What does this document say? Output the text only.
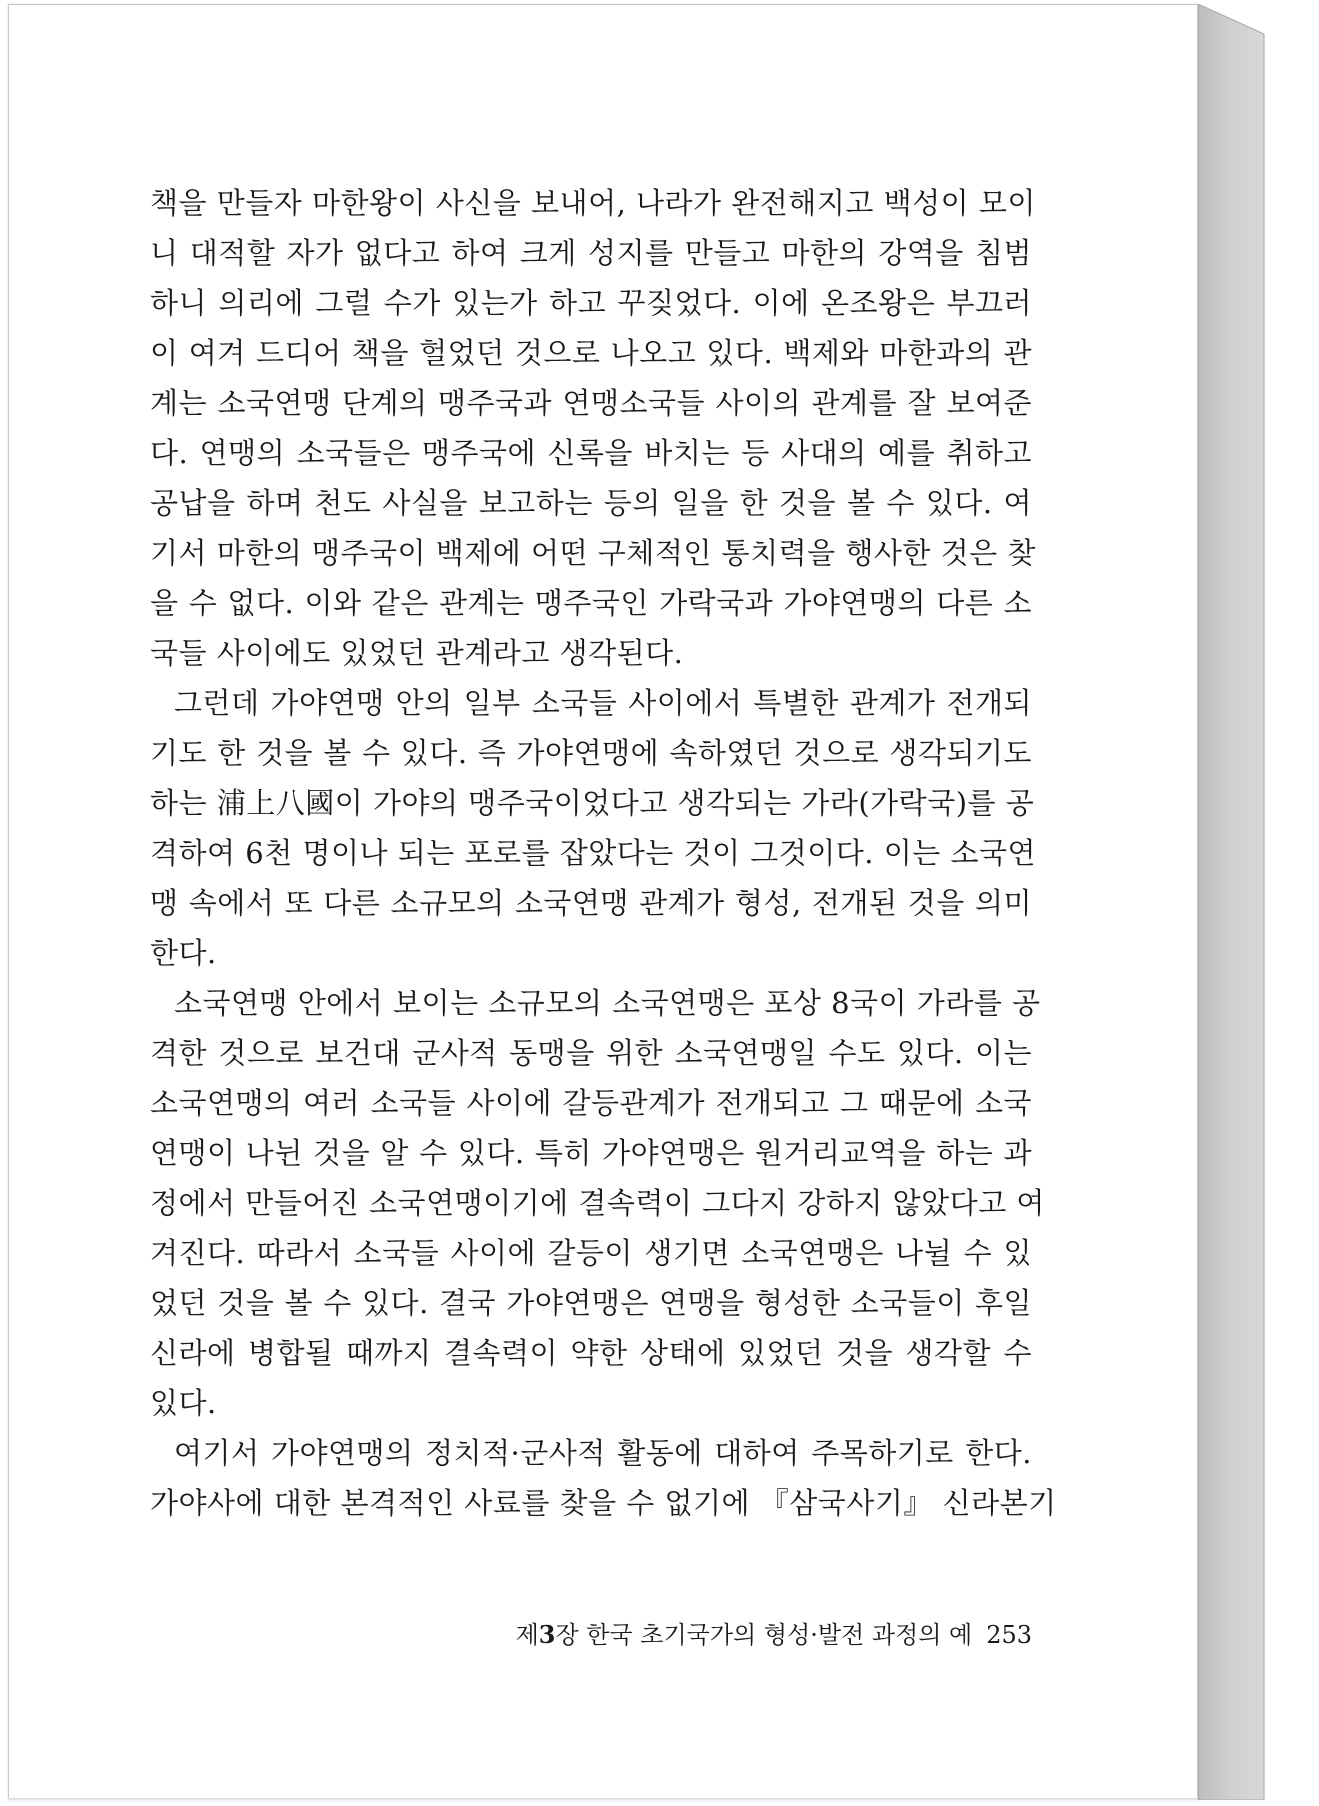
책을 만들자 마한왕이 사신을 보내어, 나라가 완전해지고 백성이 모이
니 대적할 자가 없다고 하여 크게 성지를 만들고 마한의 강역을 침범
하니 의리에 그럴 수가 있는가 하고 꾸짖었다. 이에 온조왕은 부끄러
이 여겨 드디어 책을 헐었던 것으로 나오고 있다. 백제와 마한과의 관
계는 소국연맹 단계의 맹주국과 연맹소국들 사이의 관계를 잘 보여준
다. 연맹의 소국들은 맹주국에 신록을 바치는 등 사대의 예를 취하고
공납을 하며 천도 사실을 보고하는 등의 일을 한 것을 볼 수 있다. 여
기서 마한의 맹주국이 백제에 어떤 구체적인 통치력을 행사한 것은 찾
을 수 없다. 이와 같은 관계는 맹주국인 가락국과 가야연맹의 다른 소
국들 사이에도 있었던 관계라고 생각된다.
그런데 가야연맹 안의 일부 소국들 사이에서 특별한 관계가 전개되
기도 한 것을 볼 수 있다. 즉 가야연맹에 속하였던 것으로 생각되기도
하는 浦上八國이 가야의 맹주국이었다고 생각되는 가라(가락국)를 공
격하여 6천 명이나 되는 포로를 잡았다는 것이 그것이다. 이는 소국연
맹 속에서 또 다른 소규모의 소국연맹 관계가 형성, 전개된 것을 의미
한다.
소국연맹 안에서 보이는 소규모의 소국연맹은 포상 8국이 가라를 공
격한 것으로 보건대 군사적 동맹을 위한 소국연맹일 수도 있다. 이는
소국연맹의 여러 소국들 사이에 갈등관계가 전개되고 그 때문에 소국
연맹이 나뉜 것을 알 수 있다. 특히 가야연맹은 원거리교역을 하는 과
정에서 만들어진 소국연맹이기에 결속력이 그다지 강하지 않았다고 여
겨진다. 따라서 소국들 사이에 갈등이 생기면 소국연맹은 나뉠 수 있
었던 것을 볼 수 있다. 결국 가야연맹은 연맹을 형성한 소국들이 후일
신라에 병합될 때까지 결속력이 약한 상태에 있었던 것을 생각할 수
있다.
여기서 가야연맹의 정치적·군사적 활동에 대하여 주목하기로 한다.
가야사에 대한 본격적인 사료를 찾을 수 없기에 『삼국사기』 신라본기
제3장 한국 초기국가의 형성·발전 과정의 예 253
